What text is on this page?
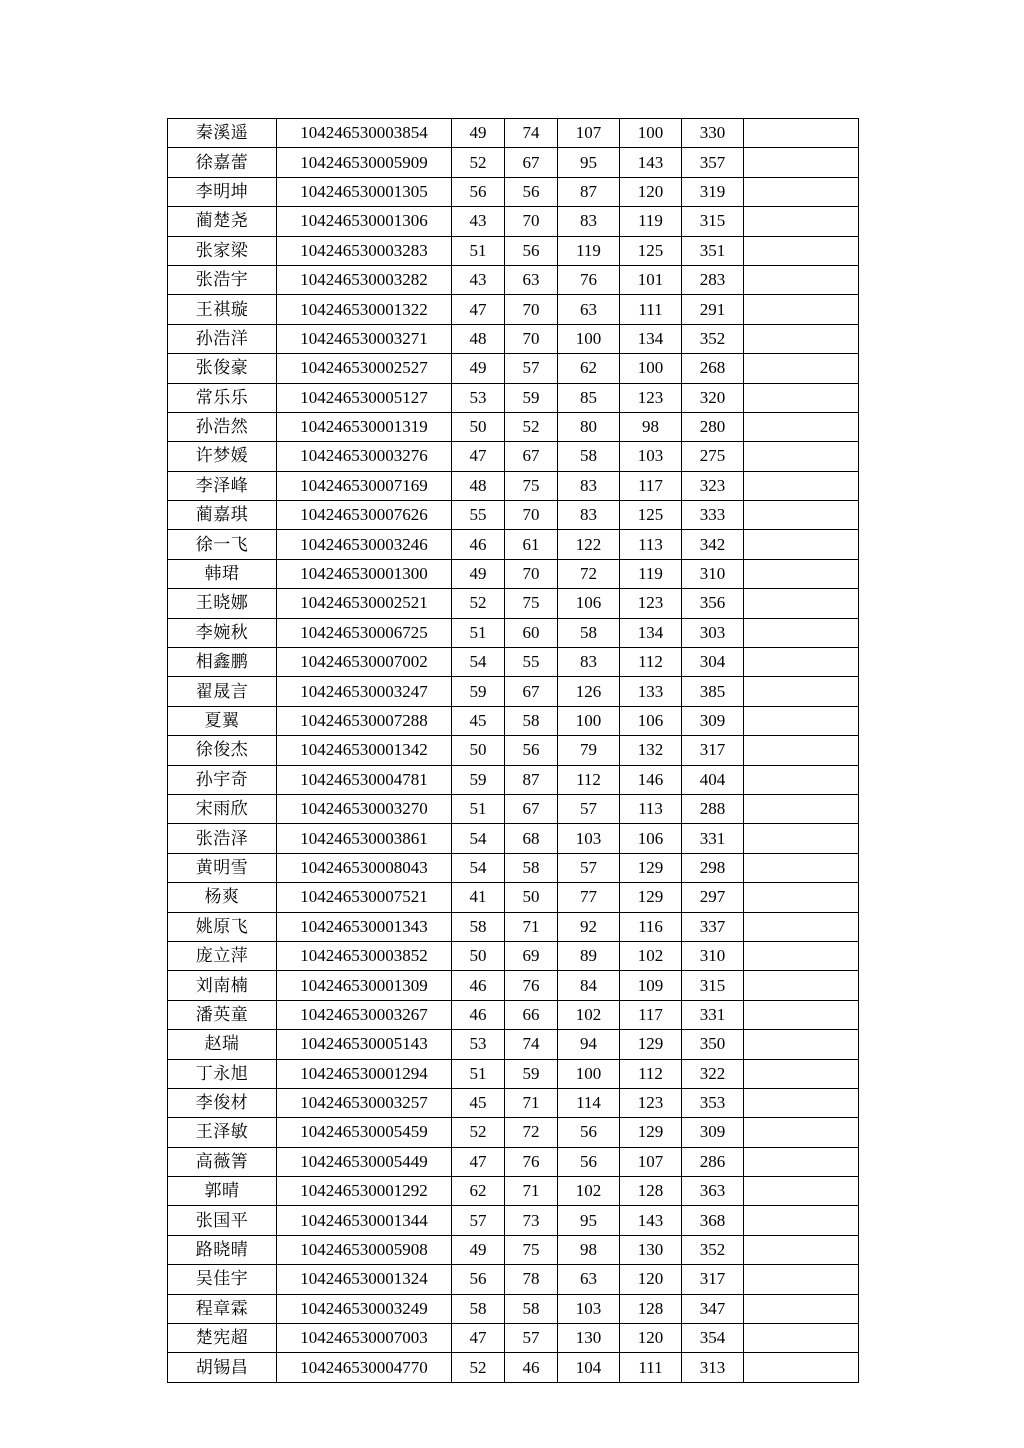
秦溪遥	104246530003854	49	74	107	100	330	
徐嘉蕾	104246530005909	52	67	95	143	357	
李明坤	104246530001305	56	56	87	120	319	
蔺楚尧	104246530001306	43	70	83	119	315	
张家梁	104246530003283	51	56	119	125	351	
张浩宇	104246530003282	43	63	76	101	283	
王祺璇	104246530001322	47	70	63	111	291	
孙浩洋	104246530003271	48	70	100	134	352	
张俊豪	104246530002527	49	57	62	100	268	
常乐乐	104246530005127	53	59	85	123	320	
孙浩然	104246530001319	50	52	80	98	280	
许梦媛	104246530003276	47	67	58	103	275	
李泽峰	104246530007169	48	75	83	117	323	
蔺嘉琪	104246530007626	55	70	83	125	333	
徐一飞	104246530003246	46	61	122	113	342	
韩珺	104246530001300	49	70	72	119	310	
王晓娜	104246530002521	52	75	106	123	356	
李婉秋	104246530006725	51	60	58	134	303	
相鑫鹏	104246530007002	54	55	83	112	304	
翟晟言	104246530003247	59	67	126	133	385	
夏翼	104246530007288	45	58	100	106	309	
徐俊杰	104246530001342	50	56	79	132	317	
孙宇奇	104246530004781	59	87	112	146	404	
宋雨欣	104246530003270	51	67	57	113	288	
张浩泽	104246530003861	54	68	103	106	331	
黄明雪	104246530008043	54	58	57	129	298	
杨爽	104246530007521	41	50	77	129	297	
姚原飞	104246530001343	58	71	92	116	337	
庞立萍	104246530003852	50	69	89	102	310	
刘南楠	104246530001309	46	76	84	109	315	
潘英童	104246530003267	46	66	102	117	331	
赵瑞	104246530005143	53	74	94	129	350	
丁永旭	104246530001294	51	59	100	112	322	
李俊材	104246530003257	45	71	114	123	353	
王泽敏	104246530005459	52	72	56	129	309	
高薇箐	104246530005449	47	76	56	107	286	
郭晴	104246530001292	62	71	102	128	363	
张国平	104246530001344	57	73	95	143	368	
路晓晴	104246530005908	49	75	98	130	352	
吴佳宇	104246530001324	56	78	63	120	317	
程章霖	104246530003249	58	58	103	128	347	
楚宪超	104246530007003	47	57	130	120	354	
胡锡昌	104246530004770	52	46	104	111	313	
